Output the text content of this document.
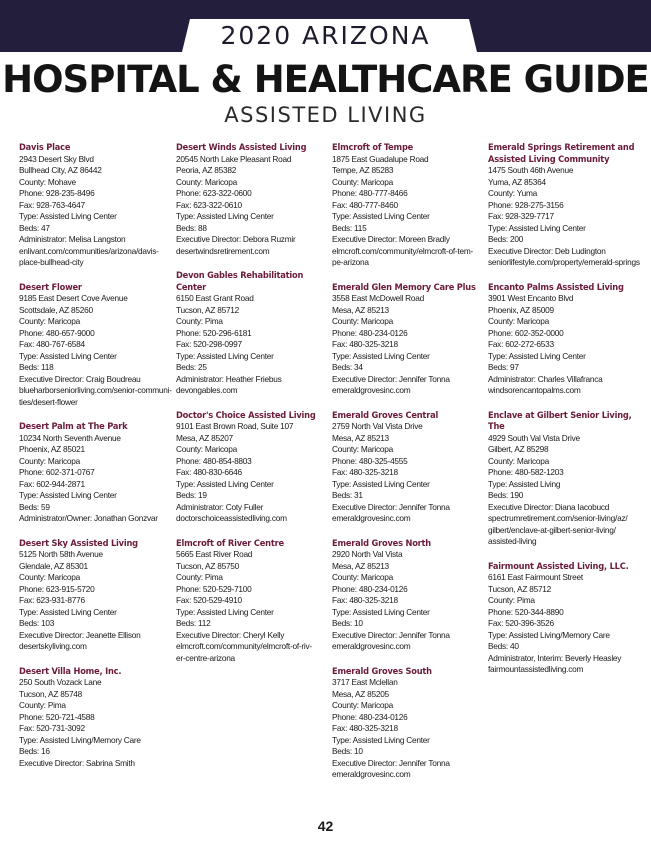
2020 ARIZONA
HOSPITAL & HEALTHCARE GUIDE
ASSISTED LIVING
Davis Place
2943 Desert Sky Blvd
Bullhead City, AZ 86442
County: Mohave
Phone: 928-235-8496
Fax: 928-763-4647
Type: Assisted Living Center
Beds: 47
Administrator: Melisa Langston
enlivant.com/communities/arizona/davis-
place-bullhead-city
Desert Flower
9185 East Desert Cove Avenue
Scottsdale, AZ 85260
County: Maricopa
Phone: 480-657-9000
Fax: 480-767-6584
Type: Assisted Living Center
Beds: 118
Executive Director: Craig Boudreau
blueharborseniorliving.com/senior-communi-
ties/desert-flower
Desert Palm at The Park
10234 North Seventh Avenue
Phoenix, AZ 85021
County: Maricopa
Phone: 602-371-0767
Fax: 602-944-2871
Type: Assisted Living Center
Beds: 59
Administrator/Owner: Jonathan Gonzvar
Desert Sky Assisted Living
5125 North 58th Avenue
Glendale, AZ 85301
County: Maricopa
Phone: 623-915-5720
Fax: 623-931-8776
Type: Assisted Living Center
Beds: 103
Executive Director: Jeanette Ellison
desertskyliving.com
Desert Villa Home, Inc.
250 South Vozack Lane
Tucson, AZ 85748
County: Pima
Phone: 520-721-4588
Fax: 520-731-3092
Type: Assisted Living/Memory Care
Beds: 16
Executive Director: Sabrina Smith
Desert Winds Assisted Living
20545 North Lake Pleasant Road
Peoria, AZ 85382
County: Maricopa
Phone: 623-322-0600
Fax: 623-322-0610
Type: Assisted Living Center
Beds: 88
Executive Director: Debora Ruzmir
desertwindsretirement.com
Devon Gables Rehabilitation Center
6150 East Grant Road
Tucson, AZ 85712
County: Pima
Phone: 520-296-6181
Fax: 520-298-0997
Type: Assisted Living Center
Beds: 25
Administrator: Heather Friebus
devongables.com
Doctor's Choice Assisted Living
9101 East Brown Road, Suite 107
Mesa, AZ 85207
County: Maricopa
Phone: 480-854-8803
Fax: 480-830-6646
Type: Assisted Living Center
Beds: 19
Administrator: Coty Fuller
doctorschoiceassistedliving.com
Elmcroft of River Centre
5665 East River Road
Tucson, AZ 85750
County: Pima
Phone: 520-529-7100
Fax: 520-529-4910
Type: Assisted Living Center
Beds: 112
Executive Director: Cheryl Kelly
elmcroft.com/community/elmcroft-of-riv-
er-centre-arizona
Elmcroft of Tempe
1875 East Guadalupe Road
Tempe, AZ 85283
County: Maricopa
Phone: 480-777-8466
Fax: 480-777-8460
Type: Assisted Living Center
Beds: 115
Executive Director: Moreen Bradly
elmcroft.com/community/elmcroft-of-tem-
pe-arizona
Emerald Glen Memory Care Plus
3558 East McDowell Road
Mesa, AZ 85213
County: Maricopa
Phone: 480-234-0126
Fax: 480-325-3218
Type: Assisted Living Center
Beds: 34
Executive Director: Jennifer Tonna
emeraldgrovesinc.com
Emerald Groves Central
2759 North Val Vista Drive
Mesa, AZ 85213
County: Maricopa
Phone: 480-325-4555
Fax: 480-325-3218
Type: Assisted Living Center
Beds: 31
Executive Director: Jennifer Tonna
emeraldgrovesinc.com
Emerald Groves North
2920 North Val Vista
Mesa, AZ 85213
County: Maricopa
Phone: 480-234-0126
Fax: 480-325-3218
Type: Assisted Living Center
Beds: 10
Executive Director: Jennifer Tonna
emeraldgrovesinc.com
Emerald Groves South
3717 East Mclellan
Mesa, AZ 85205
County: Maricopa
Phone: 480-234-0126
Fax: 480-325-3218
Type: Assisted Living Center
Beds: 10
Executive Director: Jennifer Tonna
emeraldgrovesinc.com
Emerald Springs Retirement and
Assisted Living Community
1475 South 46th Avenue
Yuma, AZ 85364
County: Yuma
Phone: 928-275-3156
Fax: 928-329-7717
Type: Assisted Living Center
Beds: 200
Executive Director: Deb Ludington
seniorlifestyle.com/property/emerald-springs
Encanto Palms Assisted Living
3901 West Encanto Blvd
Phoenix, AZ 85009
County: Maricopa
Phone: 602-352-0000
Fax: 602-272-6533
Type: Assisted Living Center
Beds: 97
Administrator: Charles Villafranca
windsorencantopalms.com
Enclave at Gilbert Senior Living, The
4929 South Val Vista Drive
Gilbert, AZ 85298
County: Maricopa
Phone: 480-582-1203
Type: Assisted Living
Beds: 190
Executive Director: Diana Iacobucd
spectrumretirement.com/senior-living/az/
gilbert/enclave-at-gilbert-senior-living/
assisted-living
Fairmount Assisted Living, LLC.
6161 East Fairmount Street
Tucson, AZ 85712
County: Pima
Phone: 520-344-8890
Fax: 520-396-3526
Type: Assisted Living/Memory Care
Beds: 40
Administrator, Interim: Beverly Heasley
fairmountassistedliving.com
42
